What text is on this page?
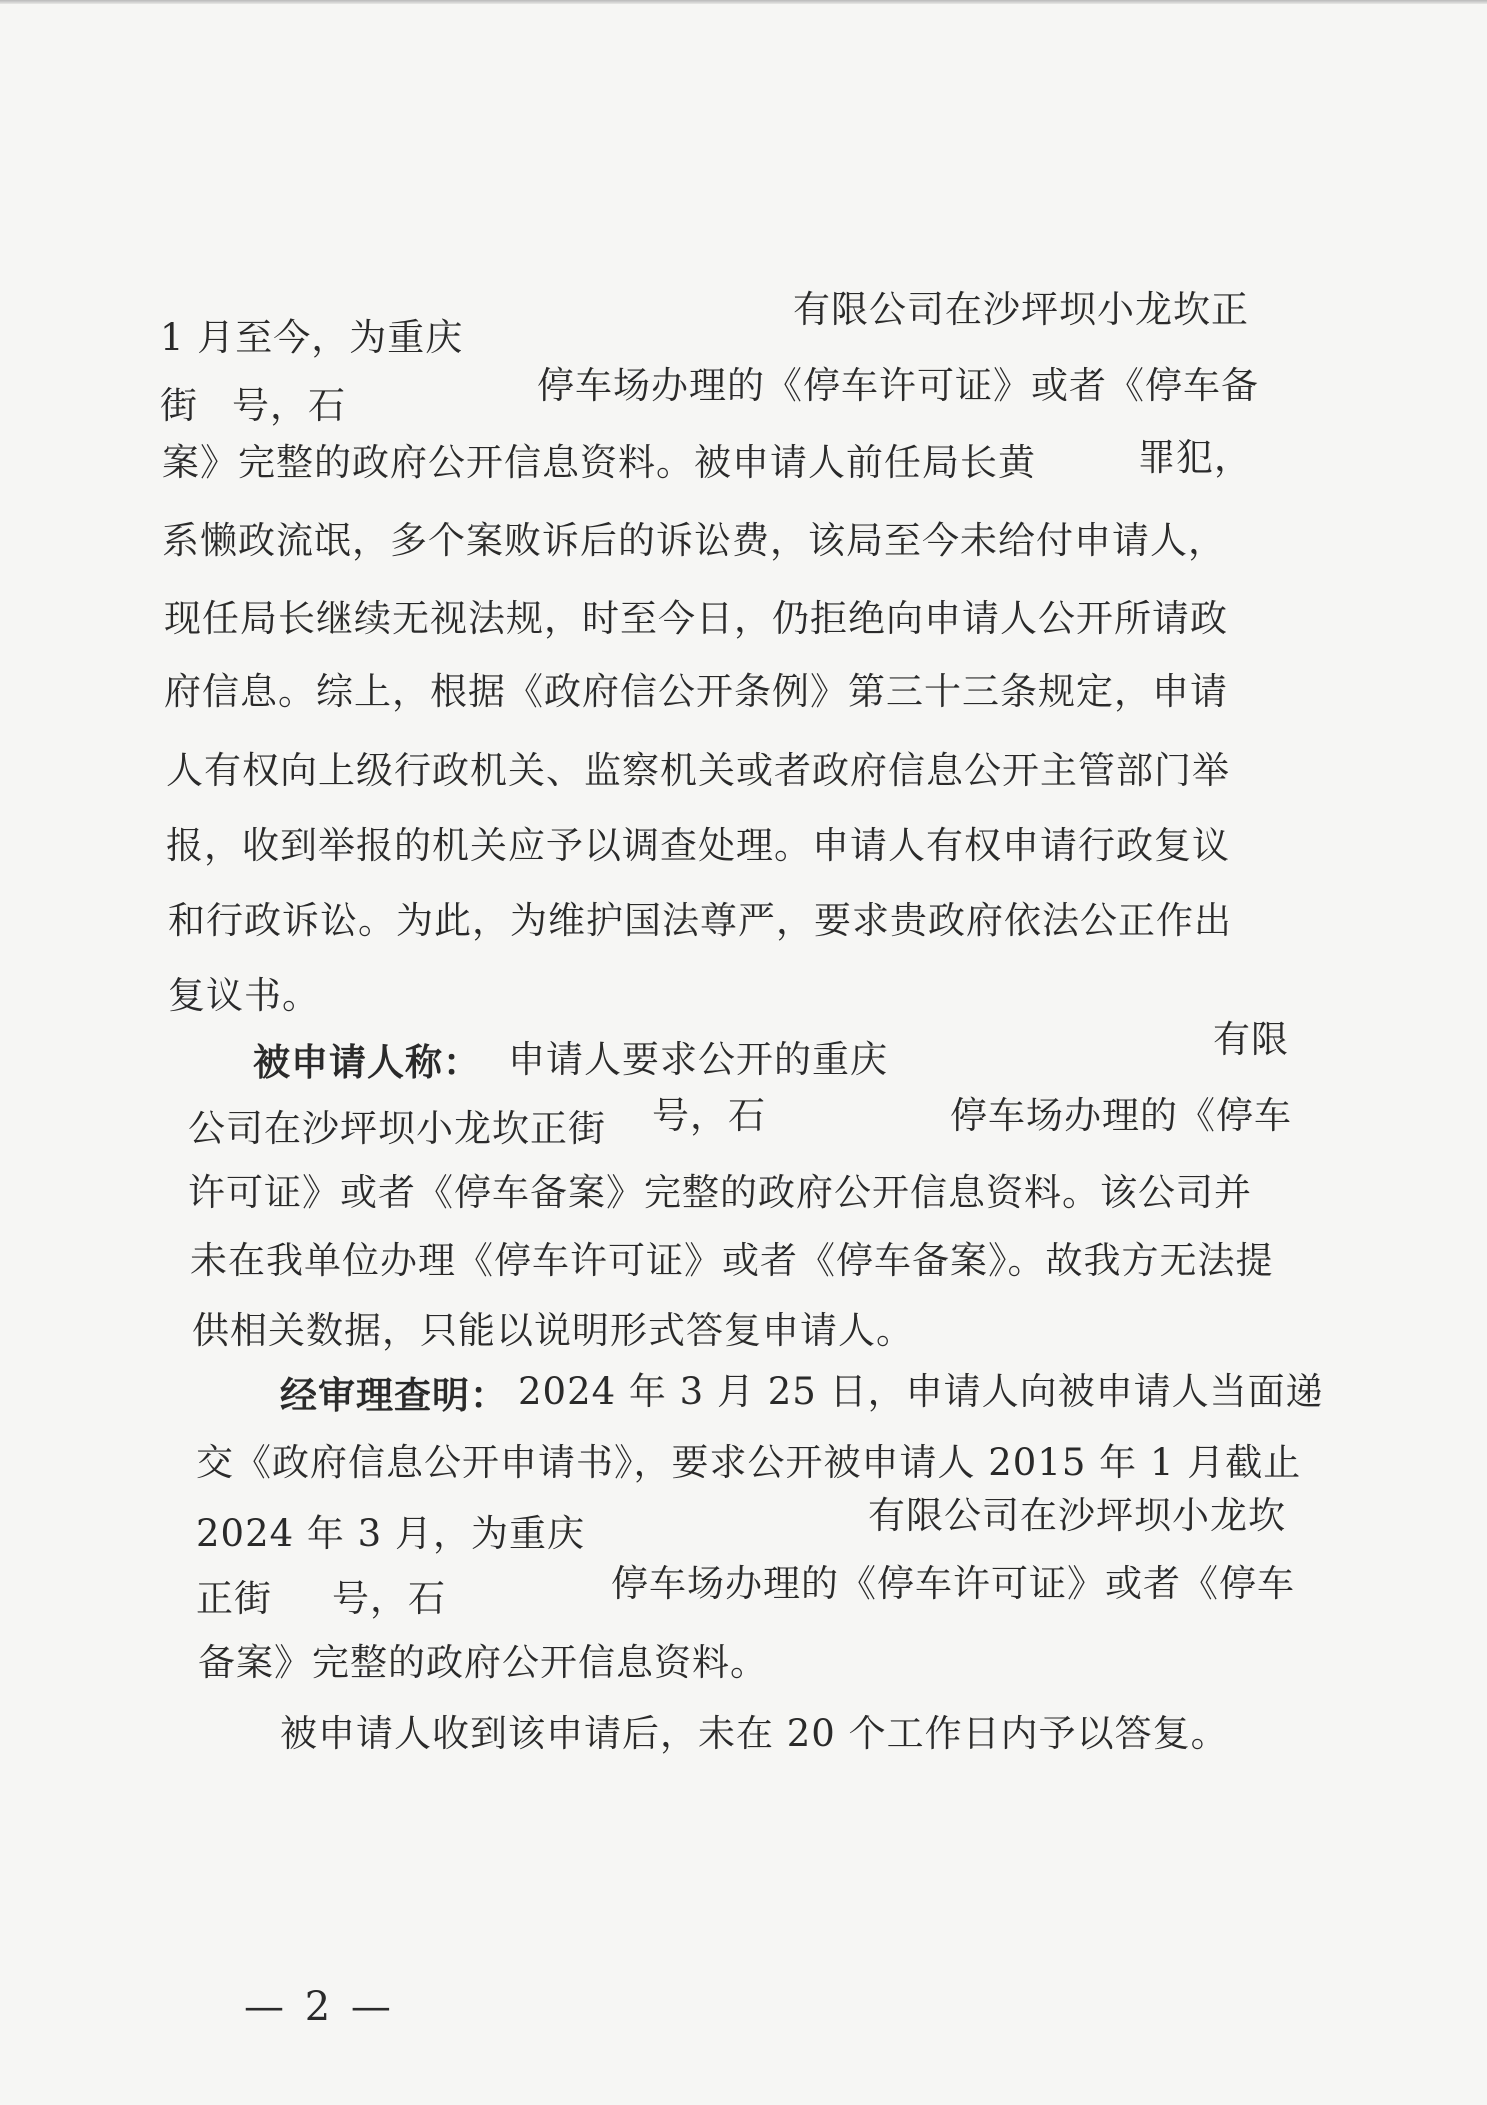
1 月至今，为重庆
有限公司在沙坪坝小龙坎正
街 号，石	停车场办理的《停车许可证》或者《停车备
案》完整的政府公开信息资料。被申请人前任局长黄	罪犯，
系懒政流氓，多个案败诉后的诉讼费，该局至今未给付申请人，
现任局长继续无视法规，时至今日，仍拒绝向申请人公开所请政
府信息。综上，根据《政府信公开条例》第三十三条规定，申请
人有权向上级行政机关、监察机关或者政府信息公开主管部门举
报，收到举报的机关应予以调查处理。申请人有权申请行政复议
和行政诉讼。为此，为维护国法尊严，要求贵政府依法公正作出
复议书。
被申请人称： 申请人要求公开的重庆	有限
公司在沙坪坝小龙坎正街 号，石	停车场办理的《停车
许可证》或者《停车备案》完整的政府公开信息资料。该公司并
未在我单位办理《停车许可证》或者《停车备案》。故我方无法提
供相关数据，只能以说明形式答复申请人。
经审理查明： 2024 年 3 月 25 日，申请人向被申请人当面递
交《政府信息公开申请书》，要求公开被申请人 2015 年 1 月截止
2024 年 3 月，为重庆	有限公司在沙坪坝小龙坎
正街 号，石	停车场办理的《停车许可证》或者《停车
备案》完整的政府公开信息资料。
被申请人收到该申请后，未在 20 个工作日内予以答复。
— 2 —
